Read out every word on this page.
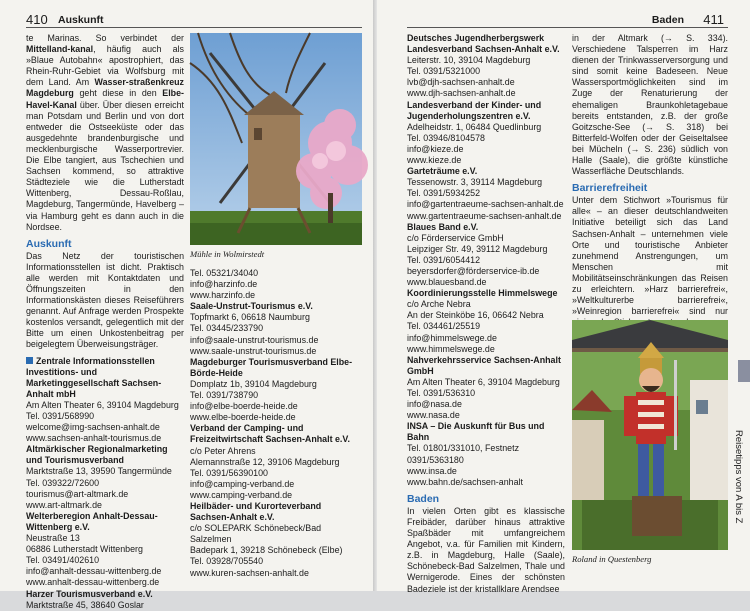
410 Auskunft

te Marinas. So verbindet der Mittelland-kanal, häufig auch als »Blaue Autobahn« apostrophiert, das Rhein-Ruhr-Gebiet via Wolfsburg mit dem Land. Am Wasser-straßenkreuz Magdeburg geht diese in den Elbe-Havel-Kanal über. Über diesen erreicht man Potsdam und Berlin und von dort entweder die Ostseeküste oder das ausgedehnte brandenburgische und mecklenburgische Wasserportrevier. Die Elbe tangiert, aus Tschechien und Sachsen kommend, so attraktive Städteziele wie die Lutherstadt Wittenberg, Dessau-Roßlau, Magdeburg, Tangermünde, Havelberg – via Hamburg geht es dann auch in die Nordsee.

Auskunft

Das Netz der touristischen Informationsstellen ist dicht. Praktisch alle werden mit Kontaktdaten und Öffnungszeiten in den Informationskästen dieses Reiseführers genannt. Auf Anfrage werden Prospekte kostenlos versandt, gelegentlich mit der Bitte um einen Unkostenbeitrag per beigelegtem Überweisungsträger.

Zentrale Informationsstellen

Investitions- und Marketinggesellschaft Sachsen-Anhalt mbH

Am Alten Theater 6, 39104 Magdeburg

Tel. 0391/568990

welcome@img-sachsen-anhalt.de

www.sachsen-anhalt-tourismus.de

Altmärkischer Regionalmarketing und Tourismusverband

Marktstraße 13, 39590 Tangermünde

Tel. 039322/72600

tourismus@art-altmark.de

www.art-altmark.de

Welterberegion Anhalt-Dessau-Wittenberg e.V.

Neustraße 13

06886 Lutherstadt Wittenberg

Tel. 03491/402610

info@anhalt-dessau-wittenberg.de

www.anhalt-dessau-wittenberg.de

Harzer Tourismusverband e.V.

Marktstraße 45, 38640 Goslar

Mühle in Wolmirstedt

Tel. 05321/34040

info@harzinfo.de

www.harzinfo.de

Saale-Unstrut-Tourismus e.V.

Topfmarkt 6, 06618 Naumburg

Tel. 03445/233790

info@saale-unstrut-tourismus.de

www.saale-unstrut-tourismus.de

Magdeburger Tourismusverband Elbe-Börde-Heide

Domplatz 1b, 39104 Magdeburg

Tel. 0391/738790

info@elbe-boerde-heide.de

www.elbe-boerde-heide.de

Verband der Camping- und Freizeitwirtschaft Sachsen-Anhalt e.V.

c/o Peter Ahrens

Alemannstraße 12, 39106 Magdeburg

Tel. 0391/56390100

info@camping-verband.de

www.camping-verband.de

Heilbäder- und Kurorteverband Sachsen-Anhalt e.V.

c/o SOLEPARK Schönebeck/Bad Salzelmen

Badepark 1, 39218 Schönebeck (Elbe)

Tel. 03928/705540

www.kuren-sachsen-anhalt.de

Baden 411

Deutsches Jugendherbergswerk Landesverband Sachsen-Anhalt e.V.

Leiterstr. 10, 39104 Magdeburg

Tel. 0391/5321000

lvb@djh-sachsen-anhalt.de

www.djh-sachsen-anhalt.de

Landesverband der Kinder- und Jugenderholungszentren e.V.

Adelheidstr. 1, 06484 Quedlinburg

Tel. 03946/8104578

info@kieze.de

www.kieze.de

Garteträume e.V.

Tessenowstr. 3, 39114 Magdeburg

Tel. 0391/5934252

info@gartentraeume-sachsen-anhalt.de

www.gartentraeume-sachsen-anhalt.de

Blaues Band e.V.

c/o Förderservice GmbH

Leipziger Str. 49, 39112 Magdeburg

Tel. 0391/6054412

beyersdorfer@förderservice-ib.de

www.blauesband.de

Koordinierungsstelle Himmelswege

c/o Arche Nebra

An der Steinköbe 16, 06642 Nebra

Tel. 034461/25519

info@himmelswege.de

www.himmelswege.de

Nahverkehrsservice Sachsen-Anhalt GmbH

Am Alten Theater 6, 39104 Magdeburg

Tel. 0391/536310

info@nasa.de

www.nasa.de

INSA – Die Auskunft für Bus und Bahn

Tel. 01801/331010, Festnetz

0391/5363180

www.insa.de

www.bahn.de/sachsen-anhalt

Baden

In vielen Orten gibt es klassische Freibäder, darüber hinaus attraktive Spaßbäder mit umfangreichem Angebot, v.a. für Familien mit Kindern, z.B. in Magdeburg, Halle (Saale), Schönebeck-Bad Salzelmen, Thale und Wernigerode. Eines der schönsten Badeziele ist der kristallklare Arendsee

in der Altmark (→ S. 334). Verschiedene Talsperren im Harz dienen der Trinkwasserversorgung und sind somit keine Badeseen. Neue Wassersportmöglichkeiten sind im Zuge der Renaturierung der ehemaligen Braunkohletagebaue bereits entstanden, z.B. der große Goitzsche-See (→ S. 318) bei Bitterfeld-Wolfen oder der Geiseltalsee bei Mücheln (→ S. 236) südlich von Halle (Saale), die größte künstliche Wasserfläche Deutschlands.

Barrierefreiheit

Unter dem Stichwort »Tourismus für alle« – an dieser deutschlandweiten Initiative beteiligt sich das Land Sachsen-Anhalt – unternehmen viele Orte und touristische Anbieter zunehmend Anstrengungen, um Menschen mit Mobilitätseinschränkungen das Reisen zu erleichtern. »Harz barrierefrei«, »Weltkulturerbe barrierefrei«, »Weinregion barrierefrei« sind nur

Roland in Questenberg
Reisetipps von A bis Z
